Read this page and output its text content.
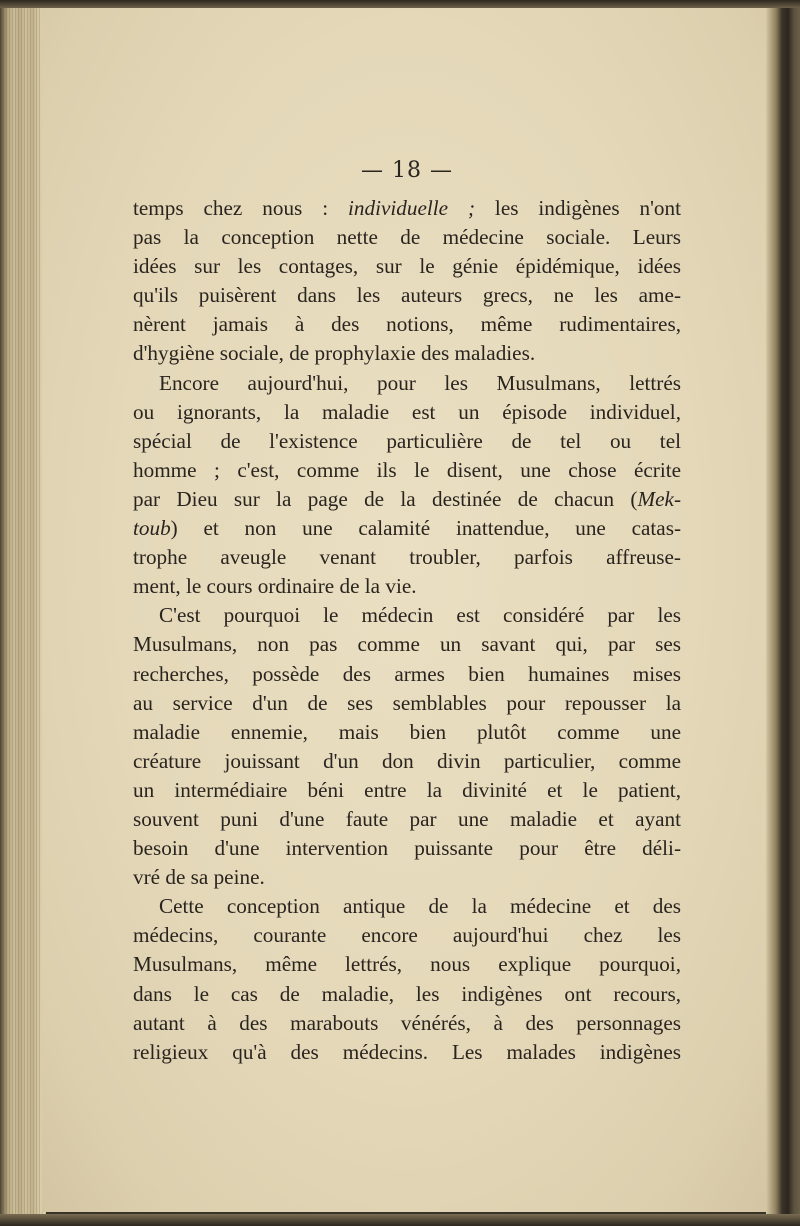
— 18 —
temps chez nous : individuelle ; les indigènes n'ont
pas la conception nette de médecine sociale. Leurs
idées sur les contages, sur le génie épidémique, idées
qu'ils puisèrent dans les auteurs grecs, ne les ame-
nèrent jamais à des notions, même rudimentaires,
d'hygiène sociale, de prophylaxie des maladies.
Encore aujourd'hui, pour les Musulmans, lettrés
ou ignorants, la maladie est un épisode individuel,
spécial de l'existence particulière de tel ou tel
homme ; c'est, comme ils le disent, une chose écrite
par Dieu sur la page de la destinée de chacun (Mek-
toub) et non une calamité inattendue, une catas-
trophe aveugle venant troubler, parfois affreuse-
ment, le cours ordinaire de la vie.
C'est pourquoi le médecin est considéré par les
Musulmans, non pas comme un savant qui, par ses
recherches, possède des armes bien humaines mises
au service d'un de ses semblables pour repousser la
maladie ennemie, mais bien plutôt comme une
créature jouissant d'un don divin particulier, comme
un intermédiaire béni entre la divinité et le patient,
souvent puni d'une faute par une maladie et ayant
besoin d'une intervention puissante pour être déli-
vré de sa peine.
Cette conception antique de la médecine et des
médecins, courante encore aujourd'hui chez les
Musulmans, même lettrés, nous explique pourquoi,
dans le cas de maladie, les indigènes ont recours,
autant à des marabouts vénérés, à des personnages
religieux qu'à des médecins. Les malades indigènes
